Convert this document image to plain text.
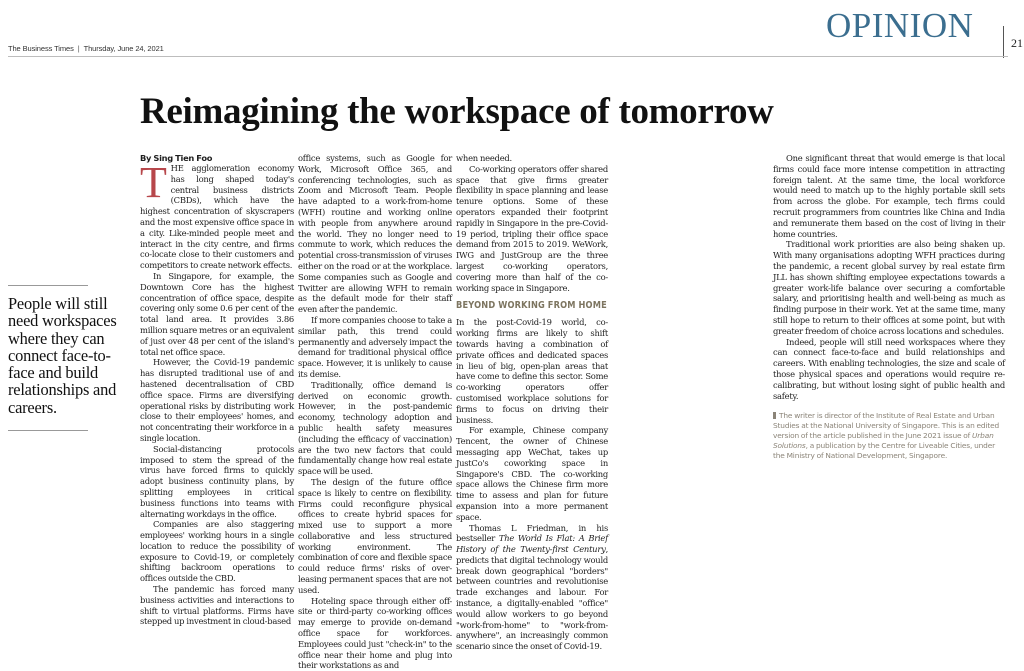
The Business Times | Thursday, June 24, 2021
OPINION	21
Reimagining the workspace of tomorrow
People will still need workspaces where they can connect face-to-face and build relationships and careers.
By Sing Tien Foo

THE agglomeration economy has long shaped today's central business districts (CBDs), which have the highest concentration of skyscrapers and the most expensive office space in a city. Like-minded people meet and interact in the city centre, and firms co-locate close to their customers and competitors to create network effects.

In Singapore, for example, the Downtown Core has the highest concentration of office space, despite covering only some 0.6 per cent of the total land area. It provides 3.86 million square metres or an equivalent of just over 48 per cent of the island's total net office space.

However, the Covid-19 pandemic has disrupted traditional use of and hastened decentralisation of CBD office space. Firms are diversifying operational risks by distributing work close to their employees' homes, and not concentrating their workforce in a single location.

Social-distancing protocols imposed to stem the spread of the virus have forced firms to quickly adopt business continuity plans, by splitting employees in critical business functions into teams with alternating workdays in the office.

Companies are also staggering employees' working hours in a single location to reduce the possibility of exposure to Covid-19, or completely shifting backroom operations to offices outside the CBD.

The pandemic has forced many business activities and interactions to shift to virtual platforms. Firms have stepped up investment in cloud-based

office systems, such as Google for Work, Microsoft Office 365, and conferencing technologies, such as Zoom and Microsoft Team. People have adapted to a work-from-home (WFH) routine and working online with people from anywhere around the world. They no longer need to commute to work, which reduces the potential cross-transmission of viruses either on the road or at the workplace. Some companies such as Google and Twitter are allowing WFH to remain as the default mode for their staff even after the pandemic.

If more companies choose to take a similar path, this trend could permanently and adversely impact the demand for traditional physical office space. However, it is unlikely to cause its demise.

Traditionally, office demand is derived on economic growth. However, in the post-pandemic economy, technology adoption and public health safety measures (including the efficacy of vaccination) are the two new factors that could fundamentally change how real estate space will be used.

The design of the future office space is likely to centre on flexibility. Firms could reconfigure physical offices to create hybrid spaces for mixed use to support a more collaborative and less structured working environment. The combination of core and flexible space could reduce firms' risks of over-leasing permanent spaces that are not used.

Hoteling space through either off-site or third-party co-working offices may emerge to provide on-demand office space for workforces. Employees could just "check-in" to the office near their home and plug into their workstations as and

when needed.

Co-working operators offer shared space that give firms greater flexibility in space planning and lease tenure options. Some of these operators expanded their footprint rapidly in Singapore in the pre-Covid-19 period, tripling their office space demand from 2015 to 2019. WeWork, IWG and JustGroup are the three largest co-working operators, covering more than half of the co-working space in Singapore.

BEYOND WORKING FROM HOME

In the post-Covid-19 world, co-working firms are likely to shift towards having a combination of private offices and dedicated spaces in lieu of big, open-plan areas that have come to define this sector. Some co-working operators offer customised workplace solutions for firms to focus on driving their business.

For example, Chinese company Tencent, the owner of Chinese messaging app WeChat, takes up JustCo's coworking space in Singapore's CBD. The co-working space allows the Chinese firm more time to assess and plan for future expansion into a more permanent space.

Thomas L Friedman, in his bestseller The World Is Flat: A Brief History of the Twenty-first Century, predicts that digital technology would break down geographical "borders" between countries and revolutionise trade exchanges and labour. For instance, a digitally-enabled "office" would allow workers to go beyond "work-from-home" to "work-from-anywhere", an increasingly common scenario since the onset of Covid-19.

One significant threat that would emerge is that local firms could face more intense competition in attracting foreign talent. At the same time, the local workforce would need to match up to the highly portable skill sets from across the globe. For example, tech firms could recruit programmers from countries like China and India and remunerate them based on the cost of living in their home countries.

Traditional work priorities are also being shaken up. With many organisations adopting WFH practices during the pandemic, a recent global survey by real estate firm JLL has shown shifting employee expectations towards a greater work-life balance over securing a comfortable salary, and prioritising health and well-being as much as finding purpose in their work. Yet at the same time, many still hope to return to their offices at some point, but with greater freedom of choice across locations and schedules.

Indeed, people will still need workspaces where they can connect face-to-face and build relationships and careers. With enabling technologies, the size and scale of those physical spaces and operations would require re-calibrating, but without losing sight of public health and safety.

The writer is director of the Institute of Real Estate and Urban Studies at the National University of Singapore. This is an edited version of the article published in the June 2021 issue of Urban Solutions, a publication by the Centre for Liveable Cities, under the Ministry of National Development, Singapore.
